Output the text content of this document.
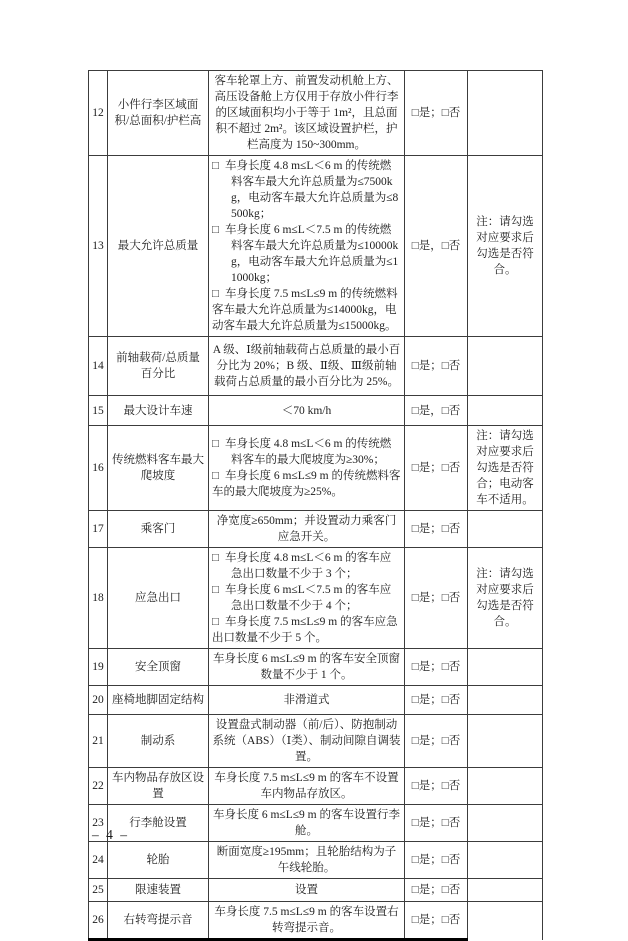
12	小件行李区域面积/总面积/护栏高	客车轮罩上方、前置发动机舱上方、高压设备舱上方仅用于存放小件行李的区域面积均小于等于 1m²，且总面积不超过 2m²。该区域设置护栏，护栏高度为 150~300mm。	□是；□否	
13	最大允许总质量	□ 车身长度 4.8 m≤L＜6 m 的传统燃料客车最大允许总质量为≤7500kg，电动客车最大允许总质量为≤8500kg；
□ 车身长度 6 m≤L＜7.5 m 的传统燃料客车最大允许总质量为≤10000kg，电动客车最大允许总质量为≤11000kg；
□ 车身长度 7.5 m≤L≤9 m 的传统燃料客车最大允许总质量为≤14000kg，电动客车最大允许总质量为≤15000kg。	□是，□否	注：请勾选对应要求后勾选是否符合。
14	前轴载荷/总质量百分比	A 级、Ⅰ级前轴载荷占总质量的最小百分比为 20%；B 级、Ⅱ级、Ⅲ级前轴载荷占总质量的最小百分比为 25%。	□是；□否	
15	最大设计车速	＜70 km/h	□是，□否	
16	传统燃料客车最大爬坡度	□ 车身长度 4.8 m≤L＜6 m 的传统燃料客车的最大爬坡度为≥30%；
□ 车身长度 6 m≤L≤9 m 的传统燃料客车的最大爬坡度为≥25%。	□是；□否	注：请勾选对应要求后勾选是否符合；电动客车不适用。
17	乘客门	净宽度≥650mm；并设置动力乘客门应急开关。	□是；□否	
18	应急出口	□ 车身长度 4.8 m≤L＜6 m 的客车应急出口数量不少于 3 个；
□ 车身长度 6 m≤L＜7.5 m 的客车应急出口数量不少于 4 个；
□ 车身长度 7.5 m≤L≤9 m 的客车应急出口数量不少于 5 个。	□是；□否	注：请勾选对应要求后勾选是否符合。
19	安全顶窗	车身长度 6 m≤L≤9 m 的客车安全顶窗数量不少于 1 个。	□是；□否	
20	座椅地脚固定结构	非滑道式	□是；□否	
21	制动系	设置盘式制动器（前/后）、防抱制动系统（ABS）（Ⅰ类）、制动间隙自调装置。	□是；□否	
22	车内物品存放区设置	车身长度 7.5 m≤L≤9 m 的客车不设置车内物品存放区。	□是；□否	
23	行李舱设置	车身长度 6 m≤L≤9 m 的客车设置行李舱。	□是；□否	
24	轮胎	断面宽度≥195mm；且轮胎结构为子午线轮胎。	□是；□否	
25	限速装置	设置	□是；□否	
26	右转弯提示音	车身长度 7.5 m≤L≤9 m 的客车设置右转弯提示音。	□是；□否	
– 4 –
